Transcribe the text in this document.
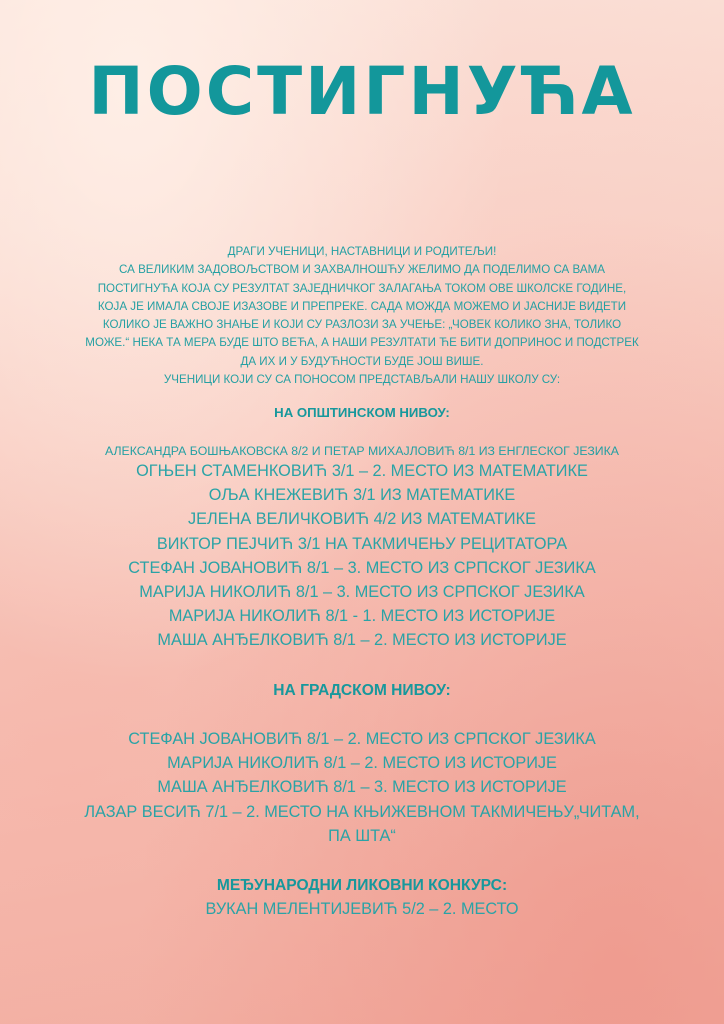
ПОСТИГНУЋА
ДРАГИ УЧЕНИЦИ, НАСТАВНИЦИ И РОДИТЕЉИ!
СА ВЕЛИКИМ ЗАДОВОЉСТВОМ И ЗАХВАЛНОШЋУ ЖЕЛИМО ДА ПОДЕЛИМО СА ВАМА
ПОСТИГНУЋА КОЈА СУ РЕЗУЛТАТ ЗАЈЕДНИЧКОГ ЗАЛАГАЊА ТОКОМ ОВЕ ШКОЛСКЕ ГОДИНЕ,
КОЈА ЈЕ ИМАЛА СВОЈЕ ИЗАЗОВЕ И ПРЕПРЕКЕ. САДА МОЖДА МОЖЕМО И ЈАСНИЈЕ ВИДЕТИ
КОЛИКО ЈЕ ВАЖНО ЗНАЊЕ И КОЈИ СУ РАЗЛОЗИ ЗА УЧЕЊЕ: „ЧОВЕК КОЛИКО ЗНА, ТОЛИКО
МОЖЕ.“ НЕКА ТА МЕРА БУДЕ ШТО ВЕЋА, А НАШИ РЕЗУЛТАТИ ЋЕ БИТИ ДОПРИНОС И ПОДСТРЕК
ДА ИХ И У БУДУЋНОСТИ БУДЕ ЈОШ ВИШЕ.
УЧЕНИЦИ КОЈИ СУ СА ПОНОСОМ ПРЕДСТАВЉАЛИ НАШУ ШКОЛУ СУ:
НА ОПШТИНСКОМ НИВОУ:
АЛЕКСАНДРА БОШЊАКОВСКА 8/2 И ПЕТАР МИХАЈЛОВИЋ 8/1 ИЗ ЕНГЛЕСКОГ ЈЕЗИКА
ОГЊЕН СТАМЕНКОВИЋ 3/1 – 2. МЕСТО ИЗ МАТЕМАТИКЕ
ОЉА КНЕЖЕВИЋ 3/1 ИЗ МАТЕМАТИКЕ
ЈЕЛЕНА ВЕЛИЧКОВИЋ 4/2 ИЗ МАТЕМАТИКЕ
ВИКТОР ПЕЈЧИЋ 3/1 НА ТАКМИЧЕЊУ РЕЦИТАТОРА
СТЕФАН ЈОВАНОВИЋ 8/1 – 3. МЕСТО ИЗ СРПСКОГ ЈЕЗИКА
МАРИЈА НИКОЛИЋ 8/1 – 3. МЕСТО ИЗ СРПСКОГ ЈЕЗИКА
МАРИЈА НИКОЛИЋ 8/1 - 1. МЕСТО ИЗ ИСТОРИЈЕ
МАША АНЂЕЛКОВИЋ 8/1 – 2. МЕСТО ИЗ ИСТОРИЈЕ
НА ГРАДСКОМ НИВОУ:
СТЕФАН ЈОВАНОВИЋ 8/1 – 2. МЕСТО ИЗ СРПСКОГ ЈЕЗИКА
МАРИЈА НИКОЛИЋ 8/1 – 2. МЕСТО ИЗ ИСТОРИЈЕ
МАША АНЂЕЛКОВИЋ 8/1 – 3. МЕСТО ИЗ ИСТОРИЈЕ
ЛАЗАР ВЕСИЋ 7/1 – 2. МЕСТО НА КЊИЖЕВНОМ ТАКМИЧЕЊУ„ЧИТАМ,
ПА ШТА“
МЕЂУНАРОДНИ ЛИКОВНИ КОНКУРС:
ВУКАН МЕЛЕНТИЈЕВИЋ 5/2 – 2. МЕСТО
